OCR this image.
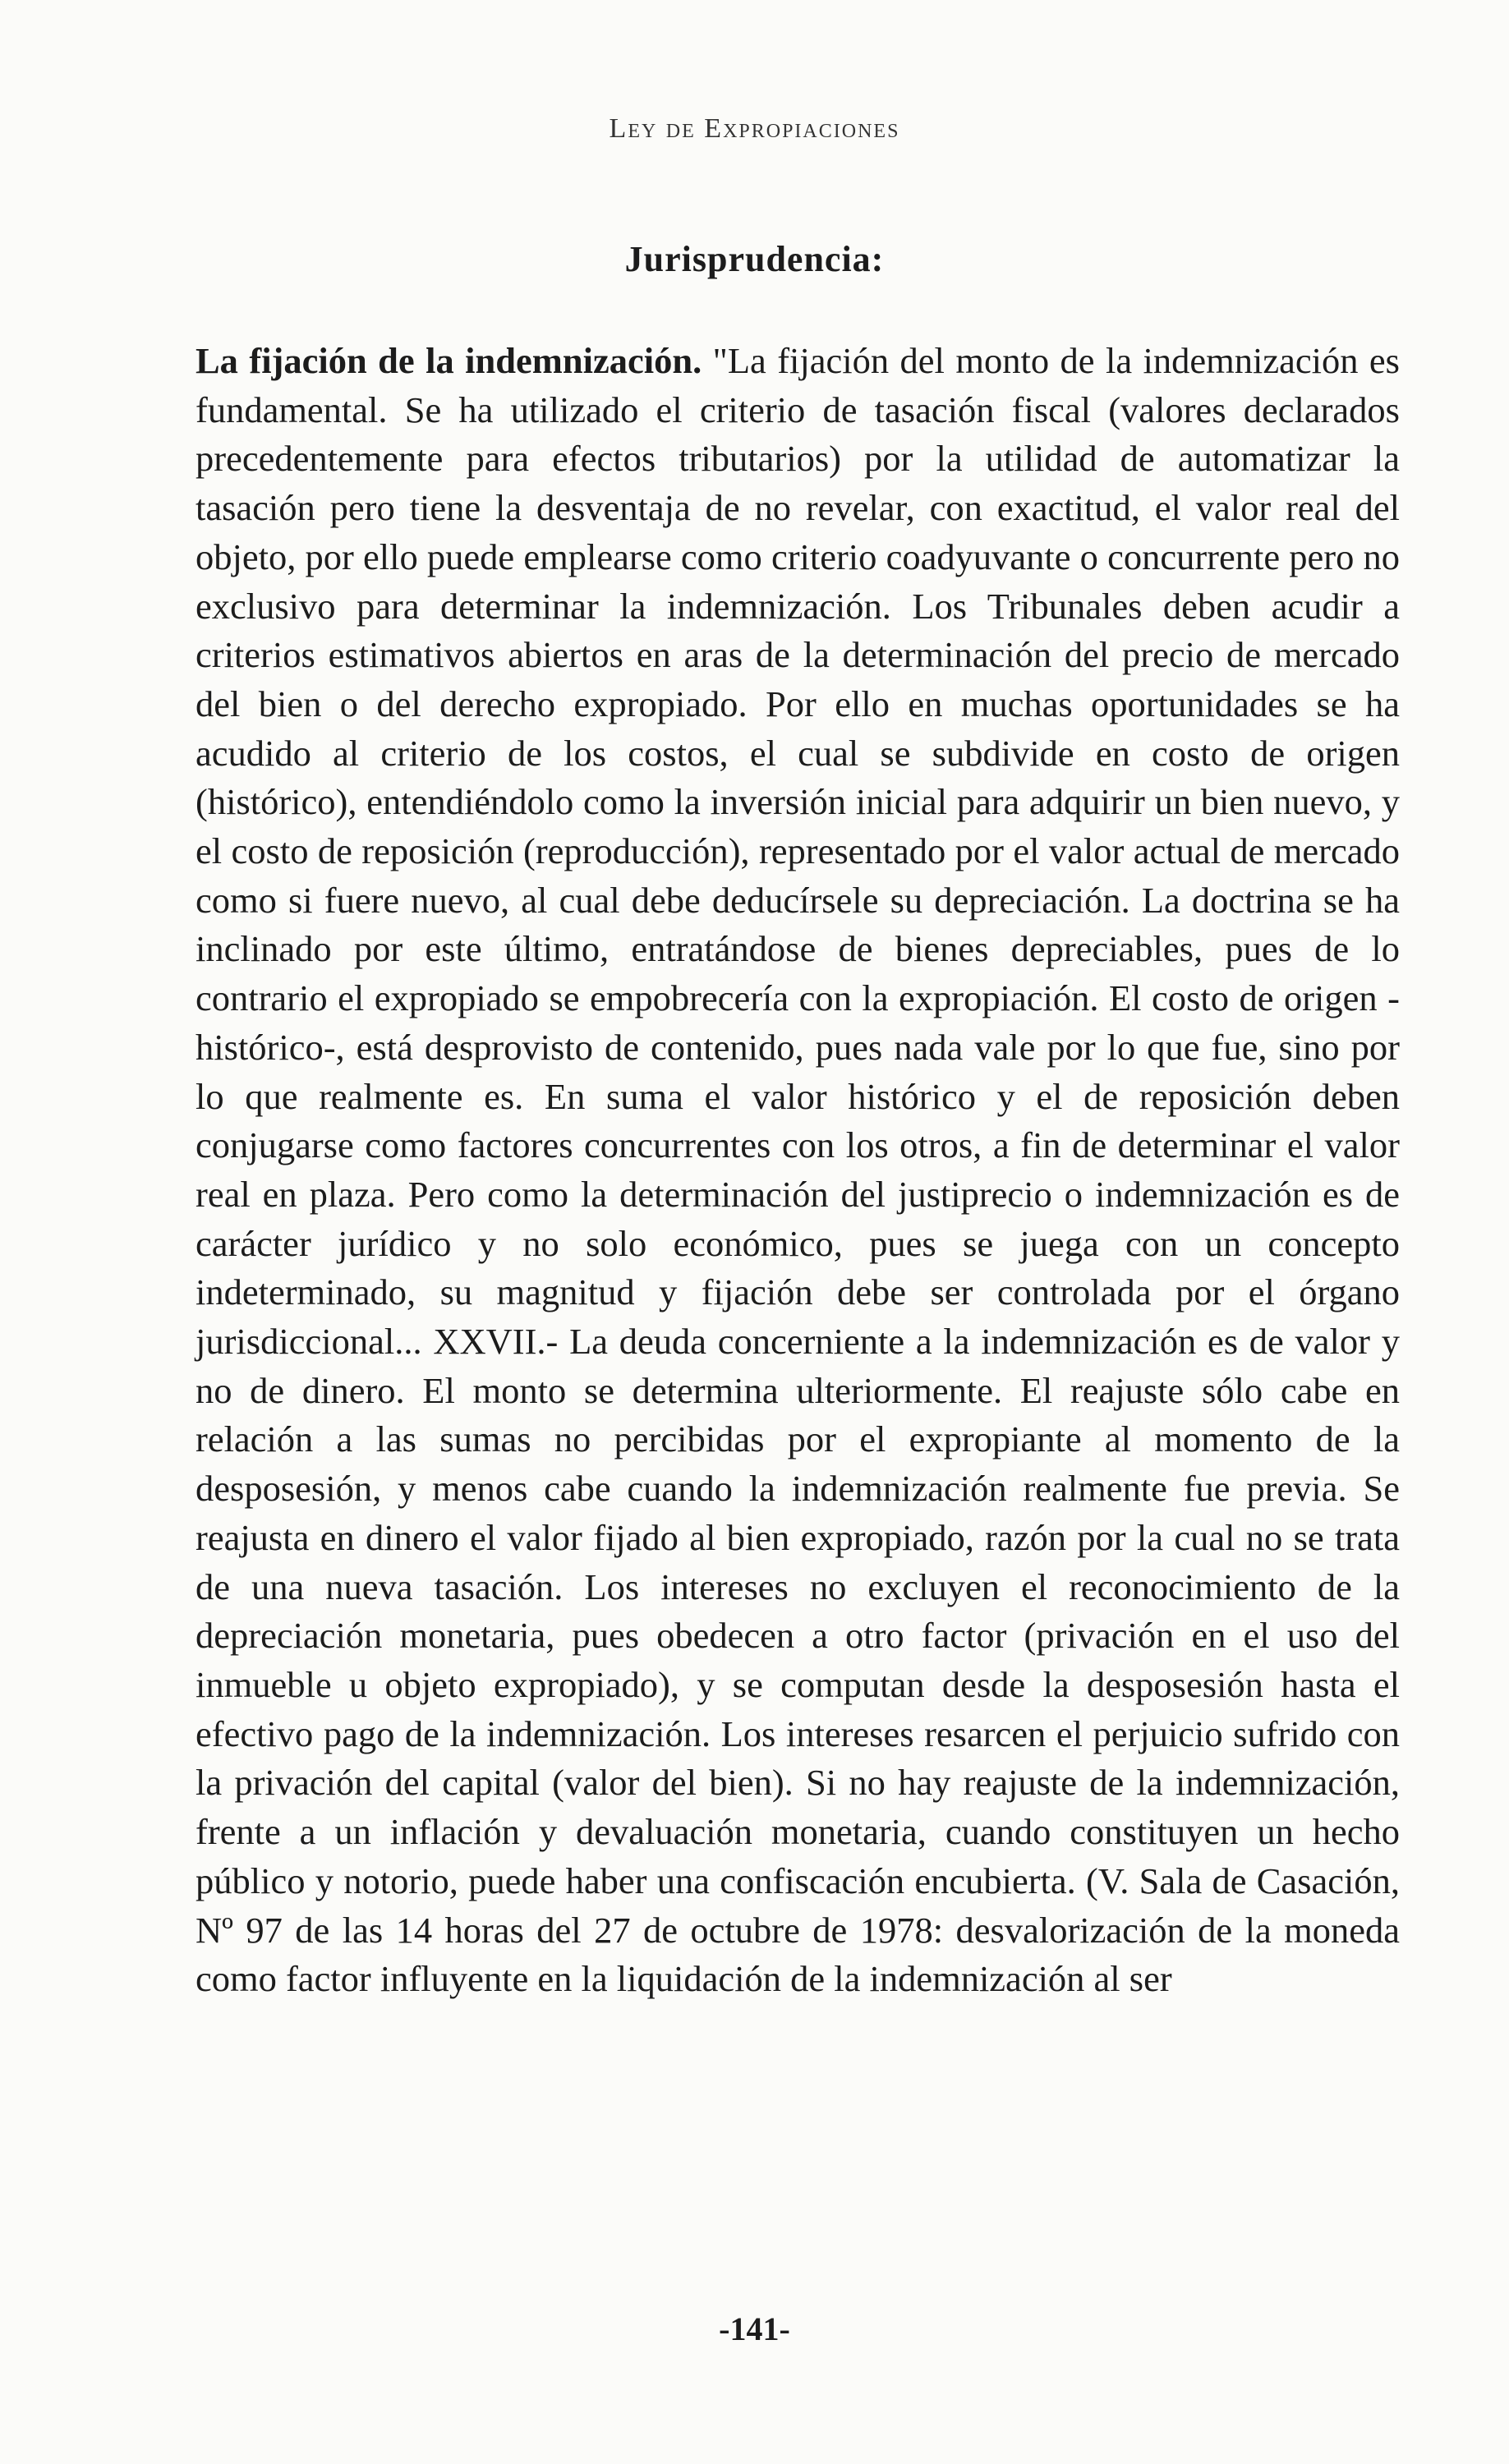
Ley de Expropiaciones
Jurisprudencia:

La fijación de la indemnización. "La fijación del monto de la indemnización es fundamental. Se ha utilizado el criterio de tasación fiscal (valores declarados precedentemente para efectos tributarios) por la utilidad de automatizar la tasación pero tiene la desventaja de no revelar, con exactitud, el valor real del objeto, por ello puede emplearse como criterio coadyuvante o concurrente pero no exclusivo para determinar la indemnización. Los Tribunales deben acudir a criterios estimativos abiertos en aras de la determinación del precio de mercado del bien o del derecho expropiado. Por ello en muchas oportunidades se ha acudido al criterio de los costos, el cual se subdivide en costo de origen (histórico), entendiéndolo como la inversión inicial para adquirir un bien nuevo, y el costo de reposición (reproducción), representado por el valor actual de mercado como si fuere nuevo, al cual debe deducírsele su depreciación. La doctrina se ha inclinado por este último, entratándose de bienes depreciables, pues de lo contrario el expropiado se empobrecería con la expropiación. El costo de origen -histórico-, está desprovisto de contenido, pues nada vale por lo que fue, sino por lo que realmente es. En suma el valor histórico y el de reposición deben conjugarse como factores concurrentes con los otros, a fin de determinar el valor real en plaza. Pero como la determinación del justiprecio o indemnización es de carácter jurídico y no solo económico, pues se juega con un concepto indeterminado, su magnitud y fijación debe ser controlada por el órgano jurisdiccional... XXVII.- La deuda concerniente a la indemnización es de valor y no de dinero. El monto se determina ulteriormente. El reajuste sólo cabe en relación a las sumas no percibidas por el expropiante al momento de la desposesión, y menos cabe cuando la indemnización realmente fue previa. Se reajusta en dinero el valor fijado al bien expropiado, razón por la cual no se trata de una nueva tasación. Los intereses no excluyen el reconocimiento de la depreciación monetaria, pues obedecen a otro factor (privación en el uso del inmueble u objeto expropiado), y se computan desde la desposesión hasta el efectivo pago de la indemnización. Los intereses resarcen el perjuicio sufrido con la privación del capital (valor del bien). Si no hay reajuste de la indemnización, frente a un inflación y devaluación monetaria, cuando constituyen un hecho público y notorio, puede haber una confiscación encubierta. (V. Sala de Casación, Nº 97 de las 14 horas del 27 de octubre de 1978: desvalorización de la moneda como factor influyente en la liquidación de la indemnización al ser

-141-
